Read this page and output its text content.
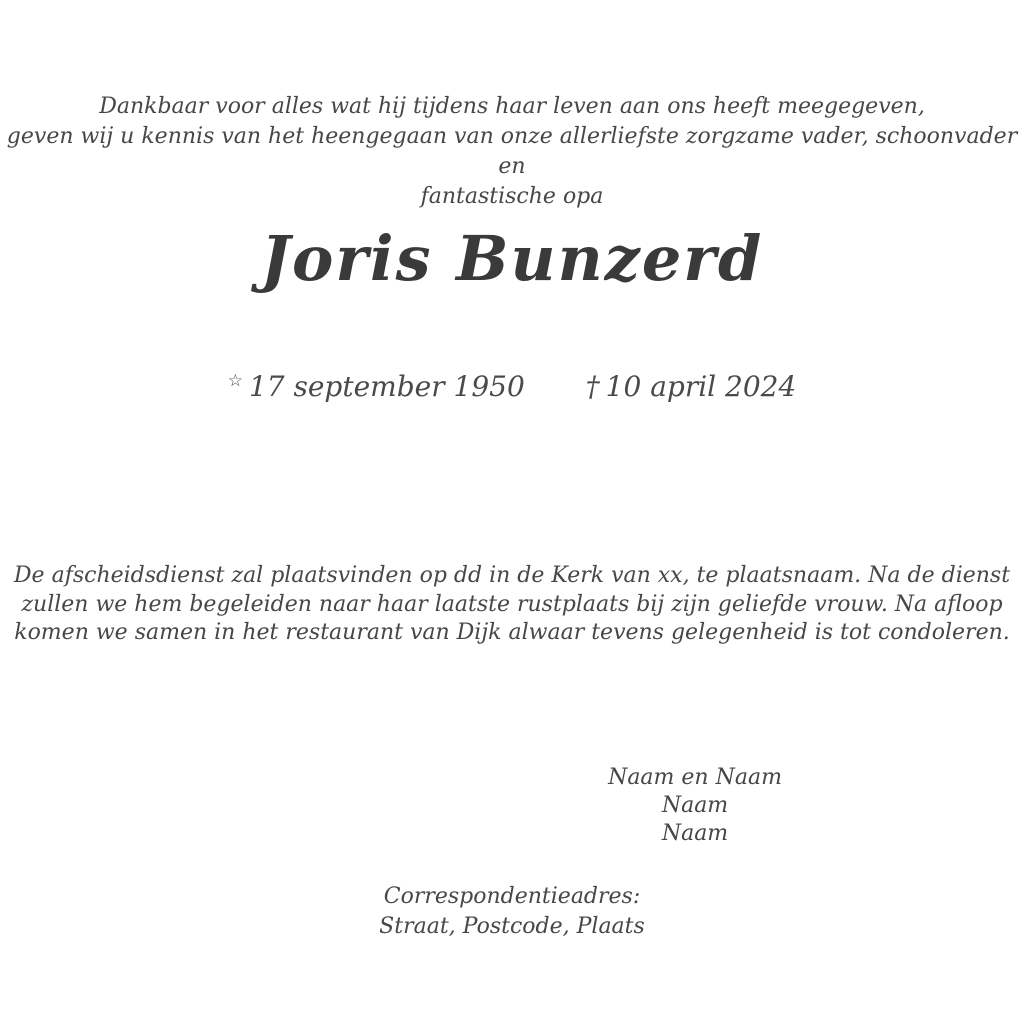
Dankbaar voor alles wat hij tijdens haar leven aan ons heeft meegegeven,
geven wij u kennis van het heengegaan van onze allerliefste zorgzame vader, schoonvader en
fantastische opa
Joris Bunzerd
☆ 17 september 1950 † 10 april 2024
De afscheidsdienst zal plaatsvinden op dd in de Kerk van xx, te plaatsnaam. Na de dienst
zullen we hem begeleiden naar haar laatste rustplaats bij zijn geliefde vrouw. Na afloop
komen we samen in het restaurant van Dijk alwaar tevens gelegenheid is tot condoleren.
Naam en Naam
Naam
Naam
Correspondentieadres:
Straat, Postcode, Plaats
